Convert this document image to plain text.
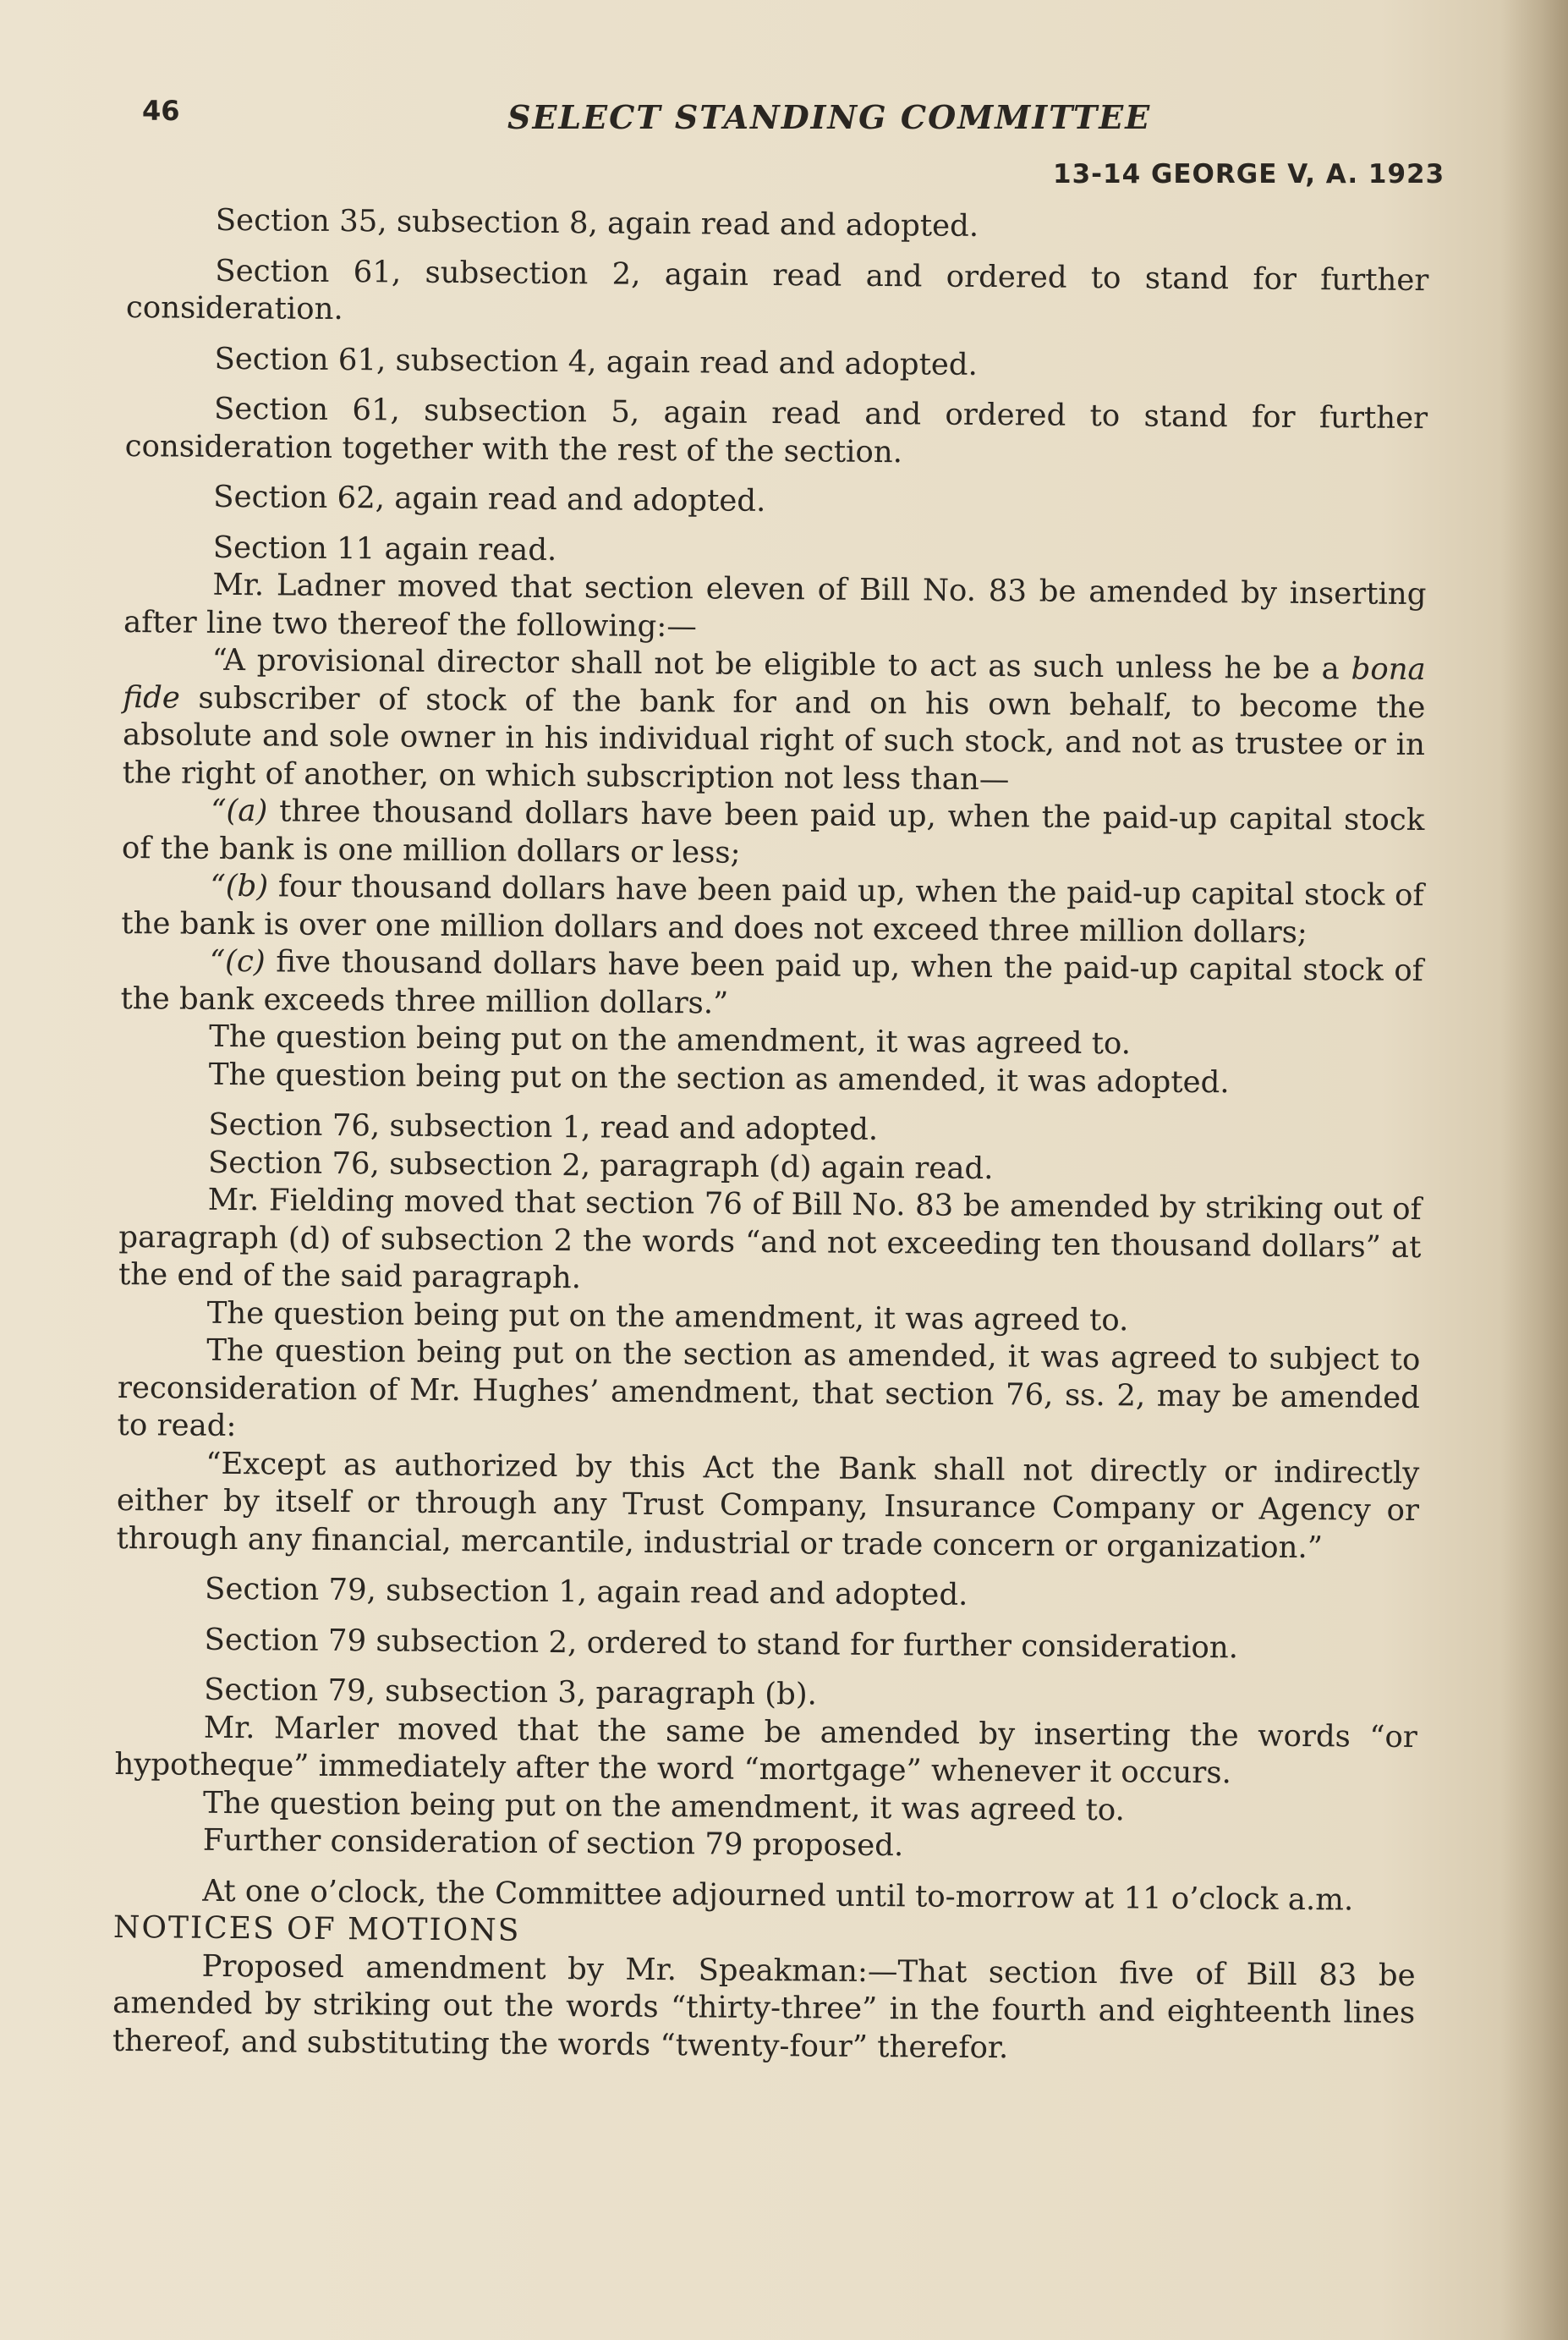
46	SELECT STANDING COMMITTEE
13-14 GEORGE V, A. 1923

Section 35, subsection 8, again read and adopted.

Section 61, subsection 2, again read and ordered to stand for further consideration.

Section 61, subsection 4, again read and adopted.

Section 61, subsection 5, again read and ordered to stand for further consideration together with the rest of the section.

Section 62, again read and adopted.

Section 11 again read.

Mr. Ladner moved that section eleven of Bill No. 83 be amended by inserting after line two thereof the following:—

“A provisional director shall not be eligible to act as such unless he be a bona fide subscriber of stock of the bank for and on his own behalf, to become the absolute and sole owner in his individual right of such stock, and not as trustee or in the right of another, on which subscription not less than—

“(a) three thousand dollars have been paid up, when the paid-up capital stock of the bank is one million dollars or less;

“(b) four thousand dollars have been paid up, when the paid-up capital stock of the bank is over one million dollars and does not exceed three million dollars;

“(c) five thousand dollars have been paid up, when the paid-up capital stock of the bank exceeds three million dollars.”

The question being put on the amendment, it was agreed to.

The question being put on the section as amended, it was adopted.

Section 76, subsection 1, read and adopted.

Section 76, subsection 2, paragraph (d) again read.

Mr. Fielding moved that section 76 of Bill No. 83 be amended by striking out of paragraph (d) of subsection 2 the words “and not exceeding ten thousand dollars” at the end of the said paragraph.

The question being put on the amendment, it was agreed to.

The question being put on the section as amended, it was agreed to subject to reconsideration of Mr. Hughes’ amendment, that section 76, ss. 2, may be amended to read:

“Except as authorized by this Act the Bank shall not directly or indirectly either by itself or through any Trust Company, Insurance Company or Agency or through any financial, mercantile, industrial or trade concern or organization.”

Section 79, subsection 1, again read and adopted.

Section 79 subsection 2, ordered to stand for further consideration.

Section 79, subsection 3, paragraph (b).

Mr. Marler moved that the same be amended by inserting the words “or hypotheque” immediately after the word “mortgage” whenever it occurs.

The question being put on the amendment, it was agreed to.

Further consideration of section 79 proposed.

At one o’clock, the Committee adjourned until to-morrow at 11 o’clock a.m.

NOTICES OF MOTIONS

Proposed amendment by Mr. Speakman:—That section five of Bill 83 be amended by striking out the words “thirty-three” in the fourth and eighteenth lines thereof, and substituting the words “twenty-four” therefor.
